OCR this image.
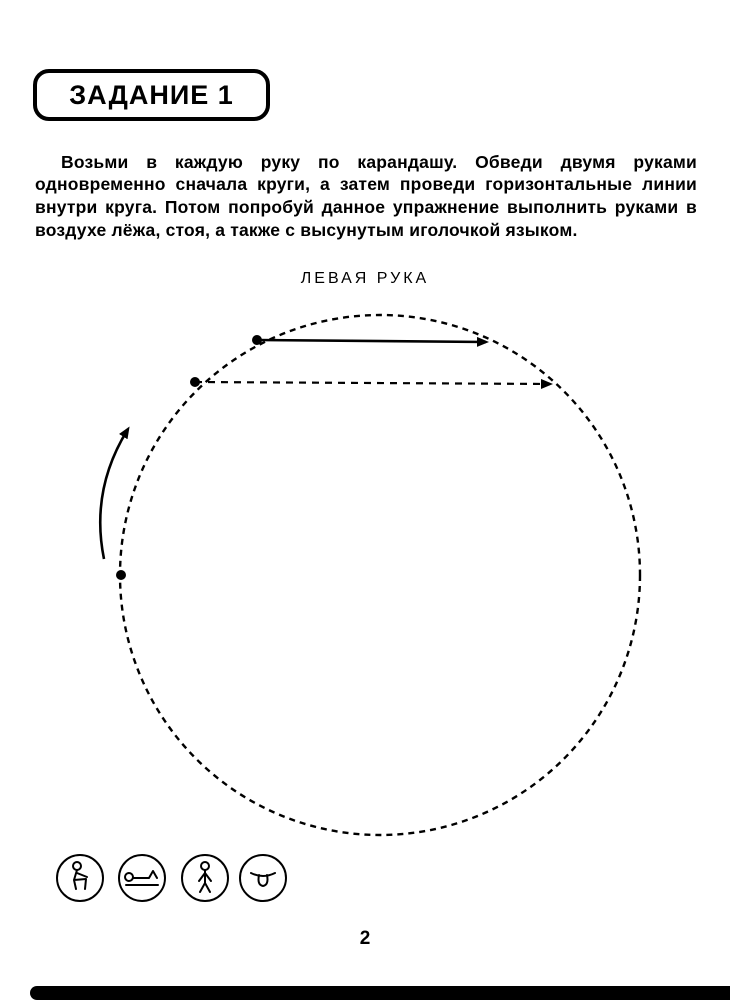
ЗАДАНИЕ 1

Возьми в каждую руку по карандашу. Обведи двумя руками одновременно сначала круги, а затем проведи горизонтальные линии внутри круга. Потом попробуй данное упражнение выполнить руками в воздухе лёжа, стоя, а также с высунутым иголочкой языком.

ЛЕВАЯ РУКА
2
